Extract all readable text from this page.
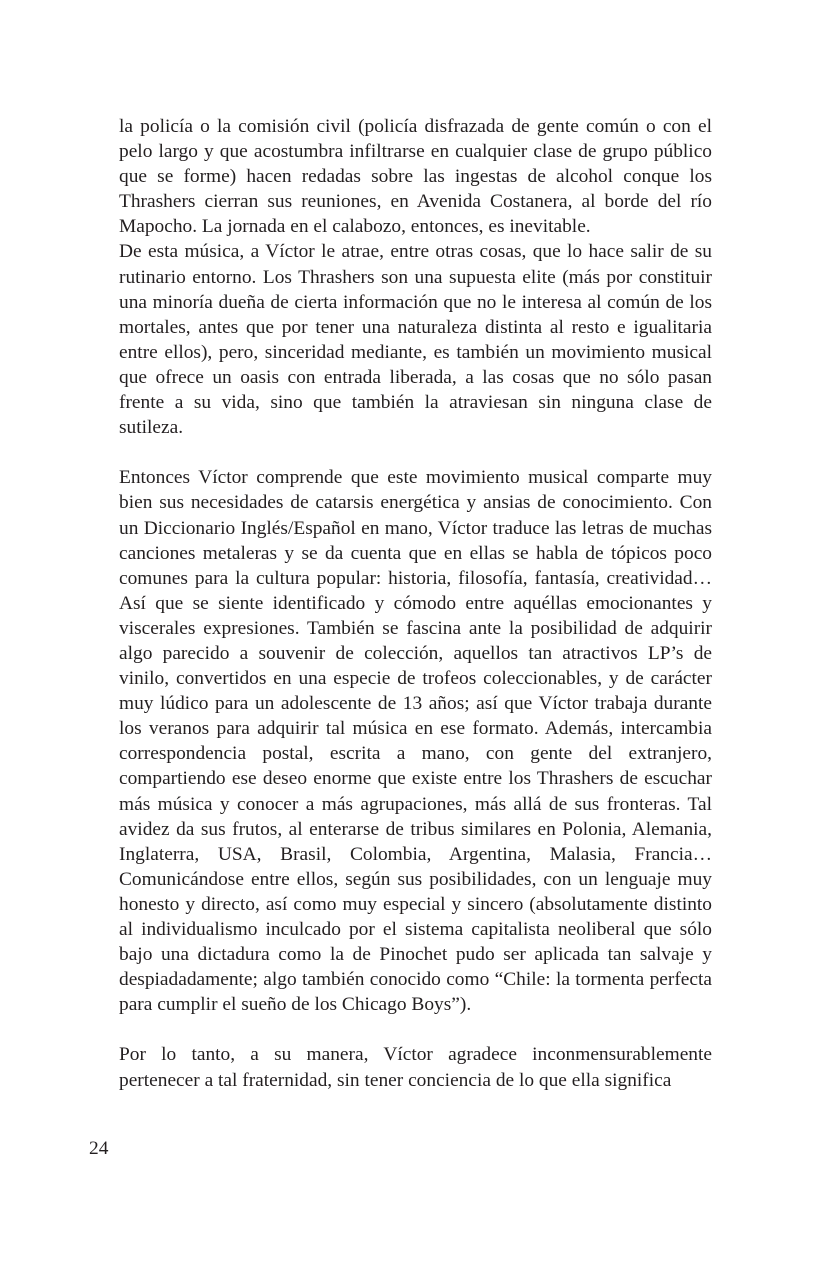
la policía o la comisión civil (policía disfrazada de gente común o con el pelo largo y que acostumbra infiltrarse en cualquier clase de grupo público que se forme) hacen redadas sobre las ingestas de alcohol conque los Thrashers cierran sus reuniones, en Avenida Costanera, al borde del río Mapocho. La jornada en el calabozo, entonces, es inevitable.

De esta música, a Víctor le atrae, entre otras cosas, que lo hace salir de su rutinario entorno. Los Thrashers son una supuesta elite (más por constituir una minoría dueña de cierta información que no le interesa al común de los mortales, antes que por tener una naturaleza distinta al resto e igualitaria entre ellos), pero, sinceridad mediante, es también un movimiento musical que ofrece un oasis con entrada liberada, a las cosas que no sólo pasan frente a su vida, sino que también la atraviesan sin ninguna clase de sutileza.

Entonces Víctor comprende que este movimiento musical comparte muy bien sus necesidades de catarsis energética y ansias de conocimiento. Con un Diccionario Inglés/Español en mano, Víctor traduce las letras de muchas canciones metaleras y se da cuenta que en ellas se habla de tópicos poco comunes para la cultura popular: historia, filosofía, fantasía, creatividad… Así que se siente identificado y cómodo entre aquéllas emocionantes y viscerales expresiones. También se fascina ante la posibilidad de adquirir algo parecido a souvenir de colección, aquellos tan atractivos LP’s de vinilo, convertidos en una especie de trofeos coleccionables, y de carácter muy lúdico para un adolescente de 13 años; así que Víctor trabaja durante los veranos para adquirir tal música en ese formato. Además, intercambia correspondencia postal, escrita a mano, con gente del extranjero, compartiendo ese deseo enorme que existe entre los Thrashers de escuchar más música y conocer a más agrupaciones, más allá de sus fronteras. Tal avidez da sus frutos, al enterarse de tribus similares en Polonia, Alemania, Inglaterra, USA, Brasil, Colombia, Argentina, Malasia, Francia… Comunicándose entre ellos, según sus posibilidades, con un lenguaje muy honesto y directo, así como muy especial y sincero (absolutamente distinto al individualismo inculcado por el sistema capitalista neoliberal que sólo bajo una dictadura como la de Pinochet pudo ser aplicada tan salvaje y despiadadamente; algo también conocido como “Chile: la tormenta perfecta para cumplir el sueño de los Chicago Boys”).

Por lo tanto, a su manera, Víctor agradece inconmensurablemente pertenecer a tal fraternidad, sin tener conciencia de lo que ella significa

24
